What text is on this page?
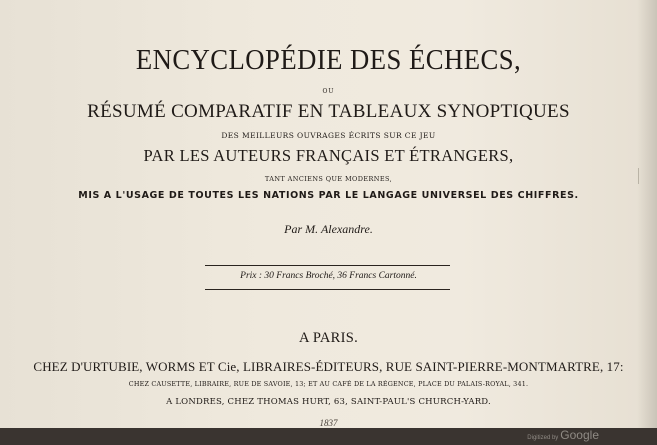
ENCYCLOPÉDIE DES ÉCHECS,
OU
RÉSUMÉ COMPARATIF EN TABLEAUX SYNOPTIQUES
DES MEILLEURS OUVRAGES ÉCRITS SUR CE JEU
PAR LES AUTEURS FRANÇAIS ET ÉTRANGERS,
TANT ANCIENS QUE MODERNES,
MIS A L'USAGE DE TOUTES LES NATIONS PAR LE LANGAGE UNIVERSEL DES CHIFFRES.
Par M. Alexandre.
Prix : 30 Francs Broché, 36 Francs Cartonné.
A PARIS.
CHEZ D'URTUBIE, WORMS ET Cie, LIBRAIRES-ÉDITEURS, RUE SAINT-PIERRE-MONTMARTRE, 17:
CHEZ CAUSETTE, LIBRAIRE, RUE DE SAVOIE, 13; ET AU CAFÉ DE LA RÉGENCE, PLACE DU PALAIS-ROYAL, 341.
A LONDRES, CHEZ THOMAS HURT, 63, SAINT-PAUL'S CHURCH-YARD.
1837
Digitized by Google
